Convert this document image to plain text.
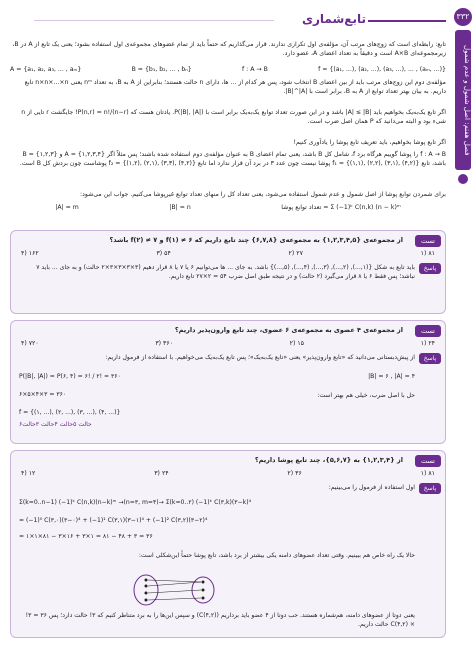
۳۳۲
فصل هفتم: اصل شمول و عدم شمول
تابع‌شماری

تابع: رابطه‌ای است که زوج‌های مرتب آن، مؤلفه‌ی اول تکراری ندارند. قرار می‌گذاریم که حتماً باید از تمام عضوهای مجموعه‌ی اول استفاده بشود؛ یعنی یک تابع از A در B، زیرمجموعه‌ای A×B است و دقیقاً به تعداد اعضای A، عضو دارد.

A = {a₁, a₂, a₃, ... , aₘ}	B = {b₁, b₂, ... , bₙ}	f : A → B	f = {(a₁, ...), (a₂, ...), (a₃, ...), ... , (aₘ, ...)}

مؤلفه‌ی دوم این زوج‌های مرتب باید از بین اعضای B انتخاب شود، پس هر کدام از ... ها، دارای n حالت هستند؛ بنابراین از A به B، به تعداد nᵐ یعنی n×n×...×n تابع داریم. به بیان بهتر تعداد توابع از A به B، برابر است با |B|^|A|.

اگر تابع یک‌به‌یک بخواهیم باید |A| ≤ |B| باشد و در این صورت تعداد توابع یک‌به‌یک برابر است با P(|B|, |A|). یادتان هست که P(n,r) = n!/(n−r)! جایگشت r تایی از n شیء بود و البته می‌دانید که P همان اصل ضرب است.

اگر تابع پوشا بخواهیم، باید تعریف تابع پوشا را یادآوری کنیم!

f : A → B را پوشا گوییم هرگاه برد f، شامل کل B باشد، یعنی تمام اعضای B به عنوان مؤلفه‌ی دوم استفاده شده باشند؛ پس مثلاً اگر A = {۱,۲,۳,۴} و B = {۱,۲,۳} باشد، تابع f₁ = {(۱,۱), (۲,۲), (۳,۱), (۴,۲)} پوشا نیست چون عدد ۳ در برد آن قرار ندارد اما تابع f₂ = {(۱,۲), (۲,۱), (۳,۳), (۴,۲)} پوشاست چون بردش کل B است.

برای شمردن توابع پوشا از اصل شمول و عدم شمول استفاده می‌شود، یعنی تعداد کل را منهای تعداد توابع غیرپوشا می‌کنیم. جواب این می‌شود:

|A| = m	|B| = n	تعداد توابع پوشا = Σ (−1)ᵏ C(n,k) (n − k)ᵐ
تست
از مجموعه‌ی {۱,۲,۳,۴,۵} به مجموعه‌ی {۶,۷,۸} چند تابع داریم که f(۱) ≠ ۶ و f(۲) ≠ ۷ باشد؟
۸۱ (۱
۲۷ (۲
۵۴ (۳
۱۶۲ (۴
پاسخ
باید تابع به شکل {(۱,...), (۲,...), (۳,...), (۴,...), (۵,...)} باشد. به جای ... ها می‌توانیم ۶ یا ۷ یا ۸ قرار دهیم (۳×۳×۳×۳×۲ حالت) و به جای ... باید ۷ نباشد؛ پس فقط ۶ یا ۸ قرار می‌گیرد (۲ حالت) و در نتیجه طبق اصل ضرب ۵۴ = ۲×۲۷ تابع داریم.
تست
از مجموعه‌ی ۴ عضوی به مجموعه‌ی ۶ عضوی، چند تابع وارون‌پذیر داریم؟
۲۴ (۱
۱۵ (۲
۳۶۰ (۳
۷۲۰ (۴
پاسخ
از پیش‌دبستانی می‌دانید که «تابع وارون‌پذیر» یعنی «تابع یک‌به‌یک»؛ پس تابع یک‌به‌یک می‌خواهیم. با استفاده از فرمول داریم:
|B| = ۶ , |A| = ۴
P(|B|, |A|) = P(۶, ۴) = ۶! / ۲! = ۳۶۰
حل با اصل ضرب، خیلی هم بهتر است:
۶×۵×۴×۳ = ۳۶۰
f = {(۱, ...), (۲, ...), (۳, ...), (۴, ...)}
۶حالت ۵حالت ۴حالت ۳حالت
تست
از {۱,۲,۳,۴} به {۵,۶,۷}، چند تابع پوشا داریم؟
۸۱ (۱
۳۶ (۲
۲۴ (۳
۱۲ (۴
پاسخ
اول استفاده از فرمول را می‌بینیم:
Σ(k=0..n−1) (−1)ᵏ C(n,k)(n−k)ᵐ →(n=۳, m=۴)→ Σ(k=0..۲) (−1)ᵏ C(۳,k)(۳−k)⁴
= (−1)⁰ C(۳,۰)(۳−۰)⁴ + (−1)¹ C(۳,۱)(۳−۱)⁴ + (−1)² C(۳,۲)(۳−۲)⁴
= ۱×۱×۸۱ − ۳×۱۶ + ۳×۱ = ۸۱ − ۴۸ + ۳ = ۳۶
حالا یک راه خاص هم ببینیم. وقتی تعداد عضوهای دامنه یکی بیشتر از برد باشد، تابع پوشا حتماً این‌شکلی است:
یعنی دوتا از عضوهای دامنه، هم‌شماره هستند. حب دوتا از ۴ عضو باید برداریم (C(۴,۲)) و سپس این‌ها را به برد متناظر کنیم که ۳! حالت دارد؛ پس ۳۶ = ۳! × C(۴,۲) حالت داریم.
